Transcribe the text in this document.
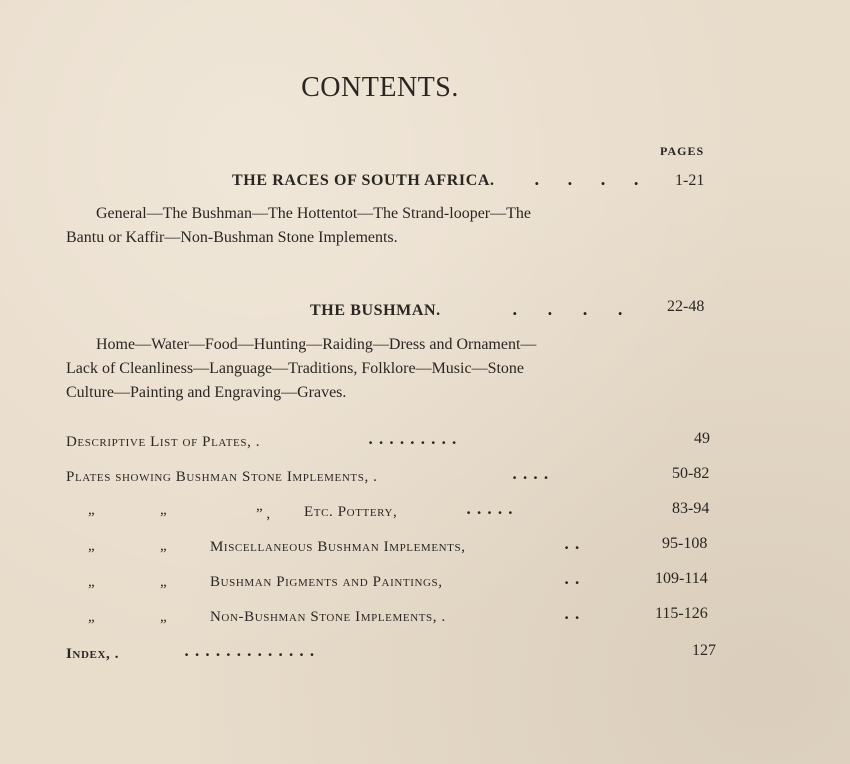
CONTENTS.
PAGES
THE RACES OF SOUTH AFRICA. . . . . 1-21
General—The Bushman—The Hottentot—The Strand-looper—The
Bantu or Kaffir—Non-Bushman Stone Implements.
THE BUSHMAN.	. . . .	22-48
Home—Water—Food—Hunting—Raiding—Dress and Ornament—
Lack of Cleanliness—Language—Traditions, Folklore—Music—Stone
Culture—Painting and Engraving—Graves.
Descriptive List of Plates, .	. . . . . . . . .	49
Plates showing Bushman Stone Implements, .	. . . .	50-82
”	”	” , Etc. Pottery,	. . . . .	83-94
”	”	Miscellaneous Bushman Implements,	. .	95-108
”	”	Bushman Pigments and Paintings,	. .	109-114
”	”	Non-Bushman Stone Implements, .	. .	115-126
Index, .	. . . . . . . . . . . . .	127
